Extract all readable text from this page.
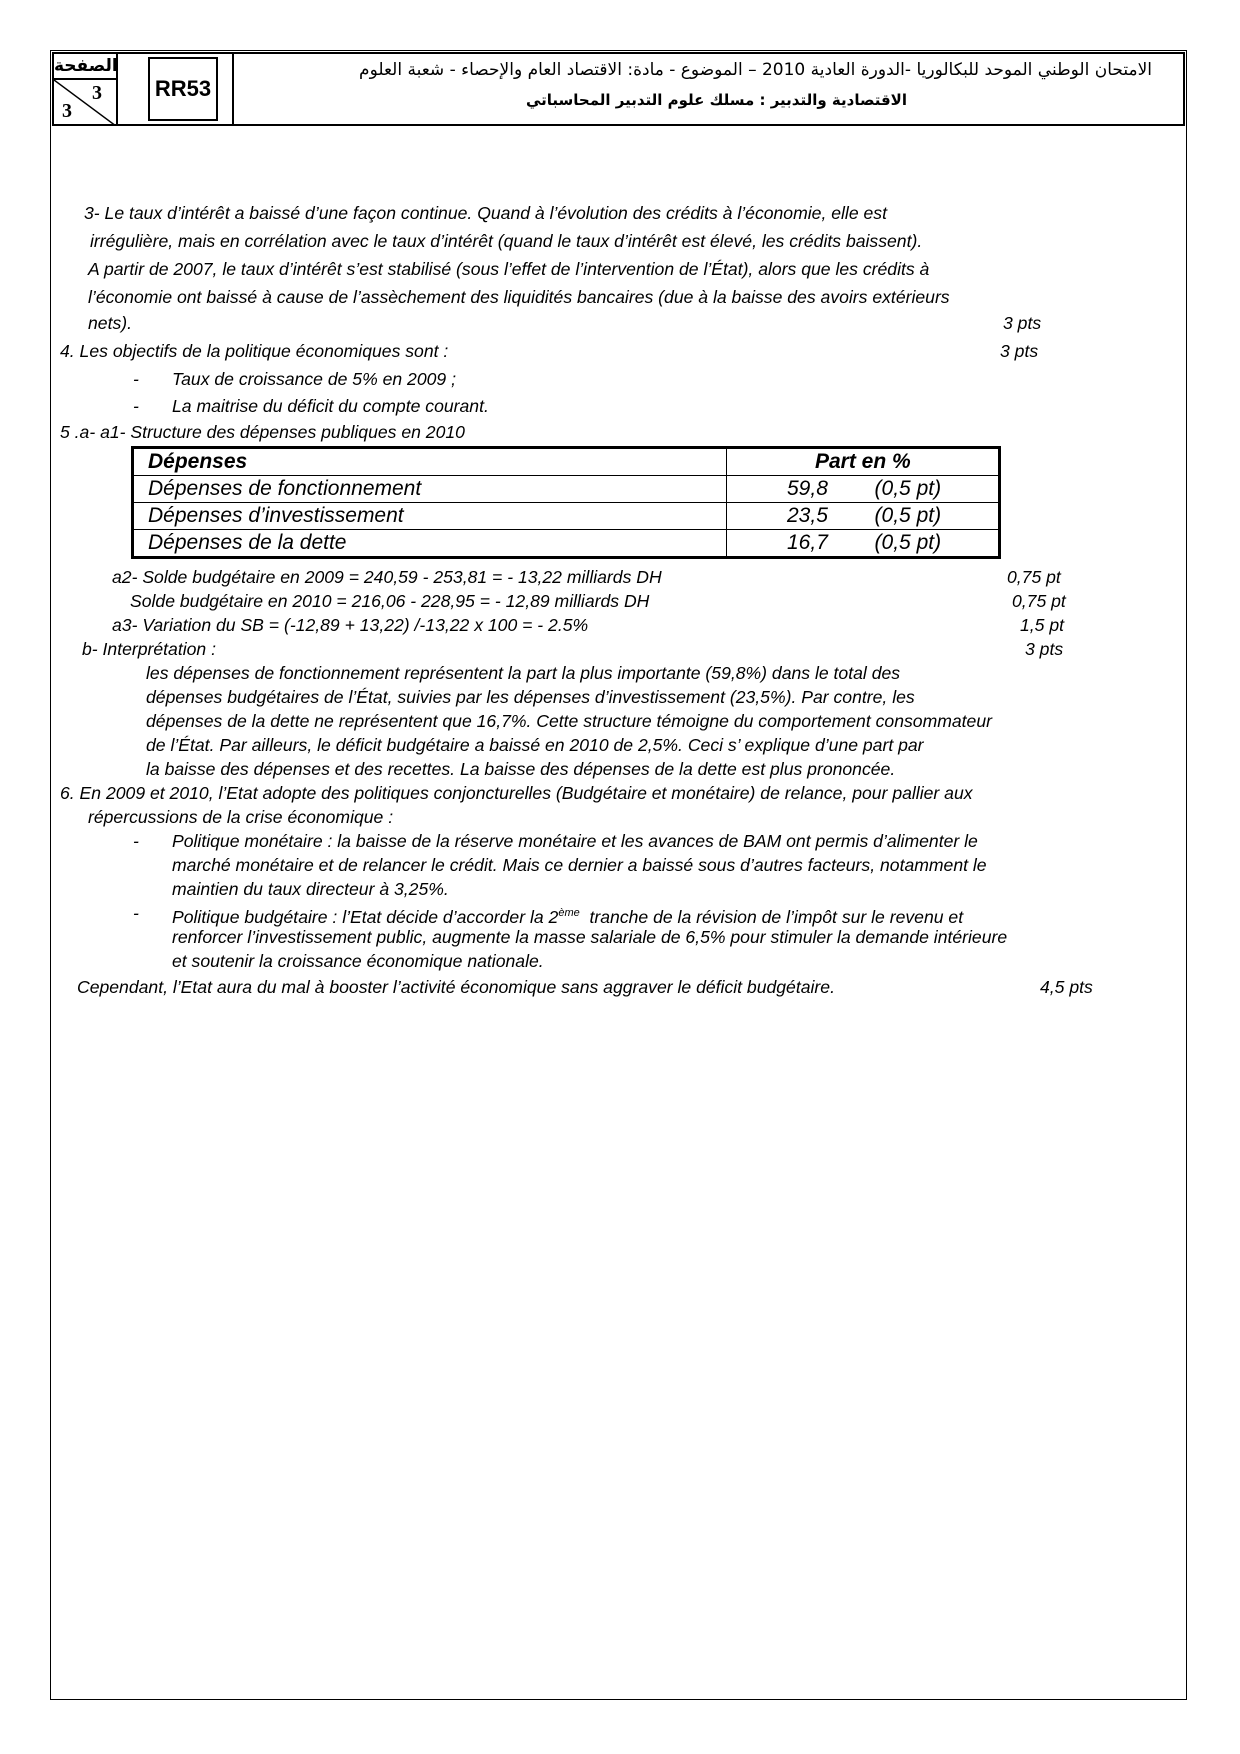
الصفحة
3
3
RR53
الامتحان الوطني الموحد للبكالوريا -الدورة العادية 2010 – الموضوع - مادة: الاقتصاد العام والإحصاء - شعبة العلوم
الاقتصادية والتدبير : مسلك علوم التدبير المحاسباتي
3- Le taux d’intérêt a baissé d’une façon continue. Quand à l’évolution des crédits à l’économie, elle est
irrégulière, mais en corrélation avec le taux d’intérêt (quand le taux d’intérêt est élevé, les crédits baissent).
A partir de 2007, le taux d’intérêt s’est stabilisé (sous l’effet de l’intervention de l’État), alors que les crédits à
l’économie ont baissé à cause de l’assèchement des liquidités bancaires (due à la baisse des avoirs extérieurs
nets).	3 pts
4. Les objectifs de la politique économiques sont :	3 pts
- Taux de croissance de 5% en 2009 ;
- La maitrise du déficit du compte courant.
5 .a- a1- Structure des dépenses publiques en 2010
Dépenses	Part en %
Dépenses de fonctionnement	59,8        (0,5 pt)
Dépenses d’investissement	23,5        (0,5 pt)
Dépenses de la dette	16,7        (0,5 pt)
a2- Solde budgétaire en 2009 = 240,59 - 253,81 = - 13,22 milliards DH	0,75 pt
Solde budgétaire en 2010 = 216,06 - 228,95 = - 12,89 milliards DH	0,75 pt
a3- Variation du SB = (-12,89 + 13,22) /-13,22 x 100 = - 2.5%	1,5 pt
b- Interprétation :	3 pts
les dépenses de fonctionnement représentent la part la plus importante (59,8%) dans le total des
dépenses budgétaires de l’État, suivies par les dépenses d’investissement (23,5%). Par contre, les
dépenses de la dette ne représentent que 16,7%. Cette structure témoigne du comportement consommateur
de l’État. Par ailleurs, le déficit budgétaire a baissé en 2010 de 2,5%. Ceci s’ explique d’une part par
la baisse des dépenses et des recettes. La baisse des dépenses de la dette est plus prononcée.
6. En 2009 et 2010, l’Etat adopte des politiques conjoncturelles (Budgétaire et monétaire) de relance, pour pallier aux
répercussions de la crise économique :
- Politique monétaire : la baisse de la réserve monétaire et les avances de BAM ont permis d’alimenter le
marché monétaire et de relancer le crédit. Mais ce dernier a baissé sous d’autres facteurs, notamment le
maintien du taux directeur à 3,25%.
- Politique budgétaire : l’Etat décide d’accorder la 2ème  tranche de la révision de l’impôt sur le revenu et
renforcer l’investissement public, augmente la masse salariale de 6,5% pour stimuler la demande intérieure
et soutenir la croissance économique nationale.
Cependant, l’Etat aura du mal à booster l’activité économique sans aggraver le déficit budgétaire.	4,5 pts
